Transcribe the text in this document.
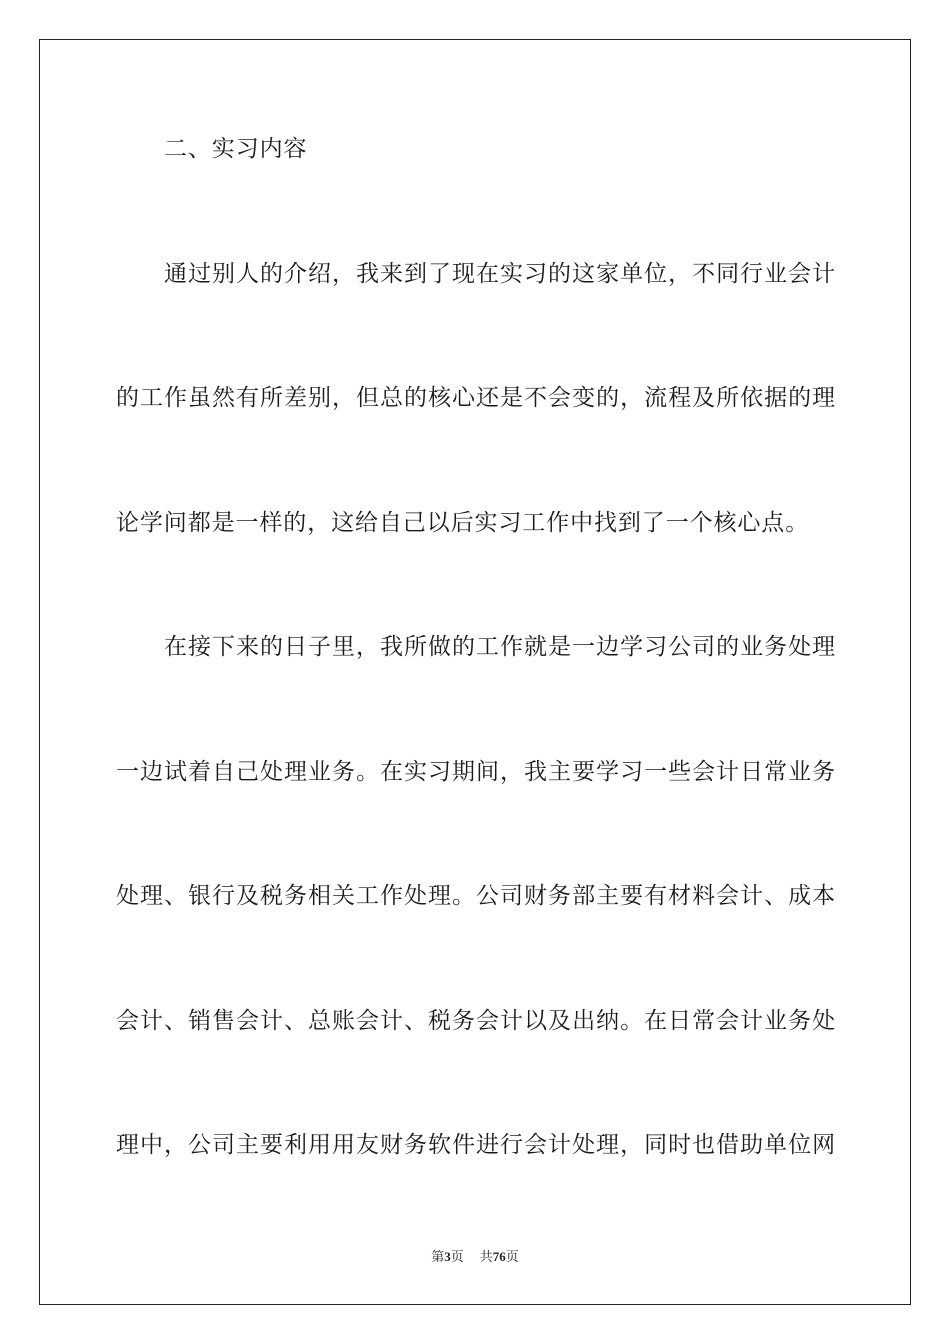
二、实习内容

通过别人的介绍，我来到了现在实习的这家单位，不同行业会计

的工作虽然有所差别，但总的核心还是不会变的，流程及所依据的理

论学问都是一样的，这给自己以后实习工作中找到了一个核心点。

在接下来的日子里，我所做的工作就是一边学习公司的业务处理

一边试着自己处理业务。在实习期间，我主要学习一些会计日常业务

处理、银行及税务相关工作处理。公司财务部主要有材料会计、成本

会计、销售会计、总账会计、税务会计以及出纳。在日常会计业务处

理中，公司主要利用用友财务软件进行会计处理，同时也借助单位网

第3页 共76页
